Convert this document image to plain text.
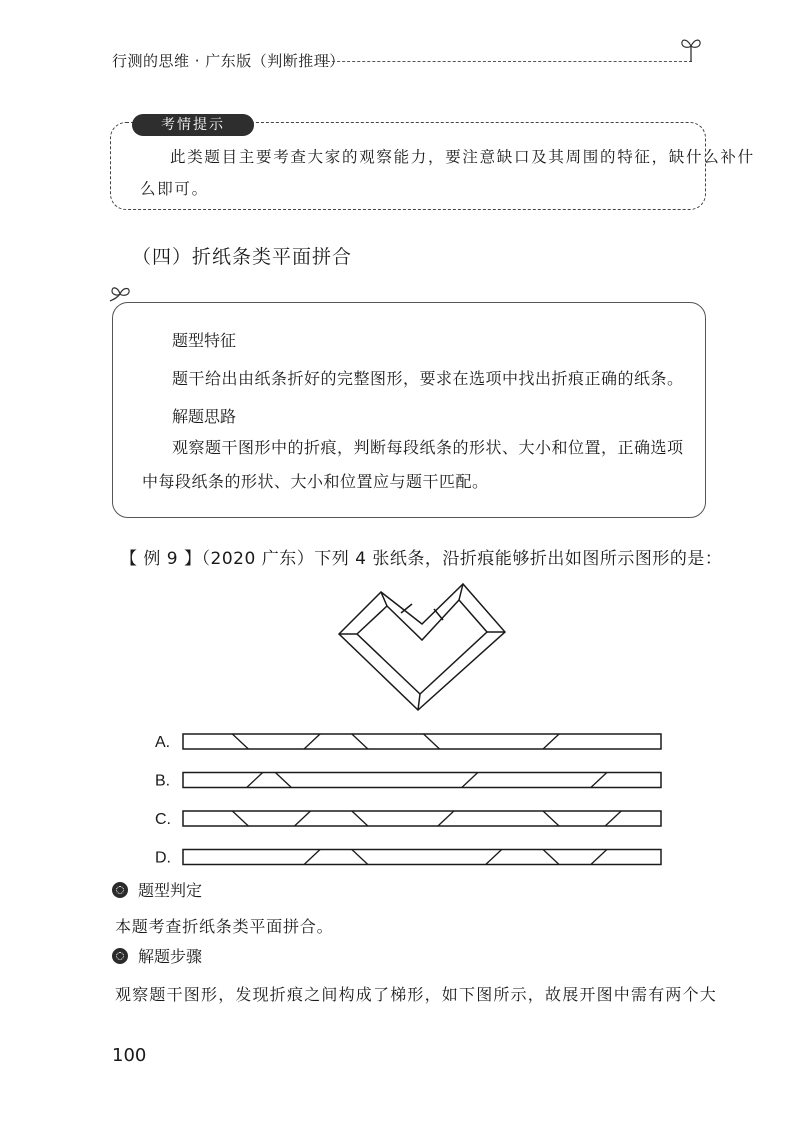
行测的思维 · 广东版（判断推理）
考情提示
此类题目主要考查大家的观察能力，要注意缺口及其周围的特征，缺什么补什
么即可。
（四）折纸条类平面拼合
题型特征
题干给出由纸条折好的完整图形，要求在选项中找出折痕正确的纸条。
解题思路
观察题干图形中的折痕，判断每段纸条的形状、大小和位置，正确选项
中每段纸条的形状、大小和位置应与题干匹配。
【 例 9 】（2020 广东）下列 4 张纸条，沿折痕能够折出如图所示图形的是：
A.
B.
C.
D.
题型判定
本题考查折纸条类平面拼合。
解题步骤
观察题干图形，发现折痕之间构成了梯形，如下图所示，故展开图中需有两个大
100
